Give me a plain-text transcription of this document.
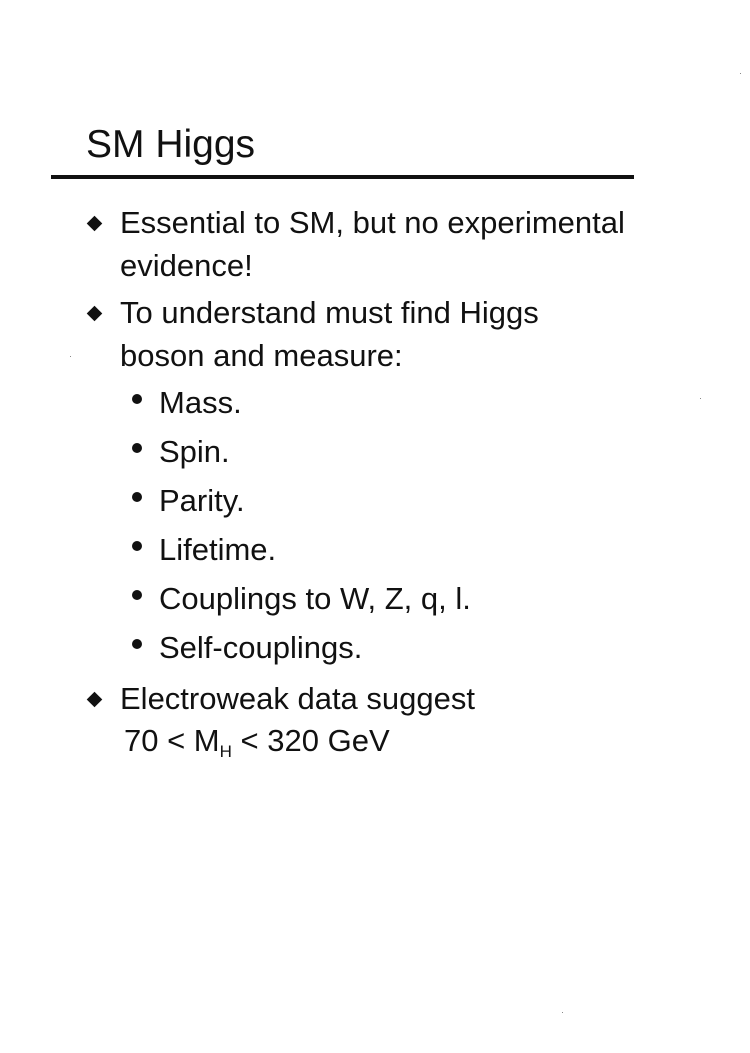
SM Higgs
Essential to SM, but no experimental
evidence!
To understand must find Higgs
boson and measure:
Mass.
Spin.
Parity.
Lifetime.
Couplings to W, Z, q, l.
Self-couplings.
Electroweak data suggest
$70 < M_H < 320$ GeV
